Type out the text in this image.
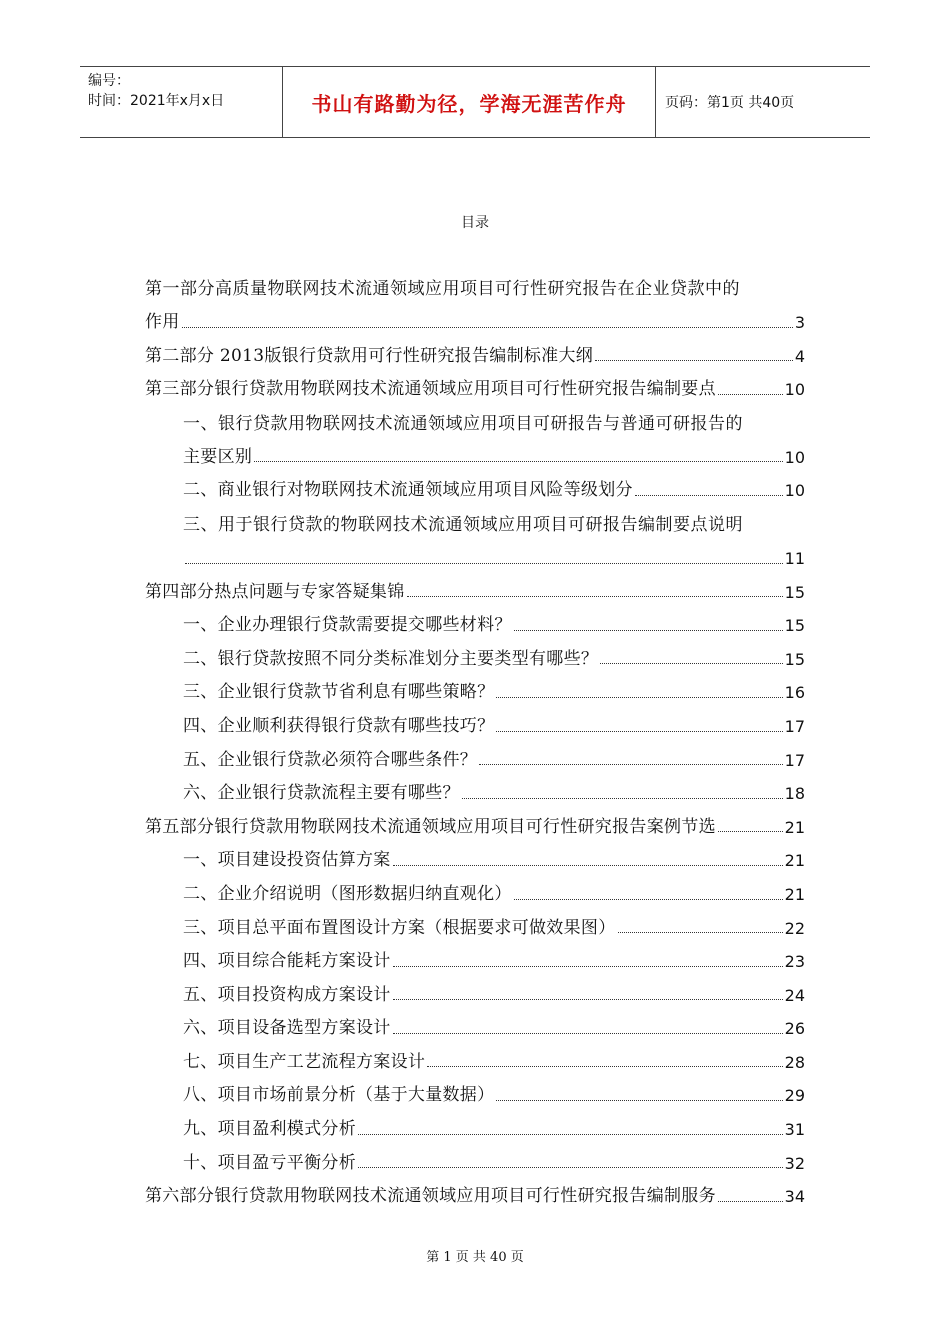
编号：
时间：2021年x月x日	书山有路勤为径，学海无涯苦作舟	页码：第1页 共40页
目录
第一部分高质量物联网技术流通领域应用项目可行性研究报告在企业贷款中的
作用	3
第二部分 2013版银行贷款用可行性研究报告编制标准大纲	4
第三部分银行贷款用物联网技术流通领域应用项目可行性研究报告编制要点	10
一、银行贷款用物联网技术流通领域应用项目可研报告与普通可研报告的
主要区别	10
二、商业银行对物联网技术流通领域应用项目风险等级划分	10
三、用于银行贷款的物联网技术流通领域应用项目可研报告编制要点说明
11
第四部分热点问题与专家答疑集锦	15
一、企业办理银行贷款需要提交哪些材料？	15
二、银行贷款按照不同分类标准划分主要类型有哪些？	15
三、企业银行贷款节省利息有哪些策略？	16
四、企业顺利获得银行贷款有哪些技巧？	17
五、企业银行贷款必须符合哪些条件？	17
六、企业银行贷款流程主要有哪些？	18
第五部分银行贷款用物联网技术流通领域应用项目可行性研究报告案例节选	21
一、项目建设投资估算方案	21
二、企业介绍说明（图形数据归纳直观化）	21
三、项目总平面布置图设计方案（根据要求可做效果图）	22
四、项目综合能耗方案设计	23
五、项目投资构成方案设计	24
六、项目设备选型方案设计	26
七、项目生产工艺流程方案设计	28
八、项目市场前景分析（基于大量数据）	29
九、项目盈利模式分析	31
十、项目盈亏平衡分析	32
第六部分银行贷款用物联网技术流通领域应用项目可行性研究报告编制服务	34
第 1 页 共 40 页
